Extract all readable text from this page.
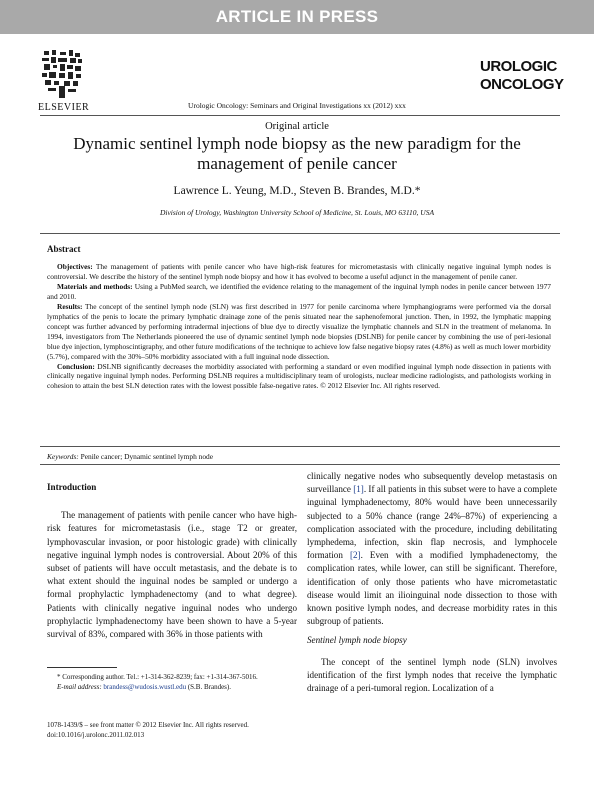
ARTICLE IN PRESS
ELSEVIER
UROLOGIC
ONCOLOGY
Urologic Oncology: Seminars and Original Investigations xx (2012) xxx
Original article
Dynamic sentinel lymph node biopsy as the new paradigm for the management of penile cancer
Lawrence L. Yeung, M.D., Steven B. Brandes, M.D.*
Division of Urology, Washington University School of Medicine, St. Louis, MO 63110, USA
Abstract

Objectives: The management of patients with penile cancer who have high-risk features for micrometastasis with clinically negative inguinal lymph nodes is controversial. We describe the history of the sentinel lymph node biopsy and how it has evolved to become a useful adjunct in the management of penile caner.

Materials and methods: Using a PubMed search, we identified the evidence relating to the management of the inguinal lymph nodes in penile cancer between 1977 and 2010.

Results: The concept of the sentinel lymph node (SLN) was first described in 1977 for penile carcinoma where lymphangiograms were performed via the dorsal lymphatics of the penis to locate the primary lymphatic drainage zone of the penis situated near the saphenofemoral junction. Then, in 1992, the lymphatic mapping concept was further advanced by performing intradermal injections of blue dye to directly visualize the lymphatic channels and SLN in the treatment of melanoma. In 1994, investigators from The Netherlands pioneered the use of dynamic sentinel lymph node biopsies (DSLNB) for penile cancer by combining the use of peri-lesional blue dye injection, lymphoscintigraphy, and other future modifications of the technique to achieve low false negative biopsy rates (4.8%) as well as much lower morbidity (5.7%), compared with the 30%–50% morbidity associated with a full inguinal node dissection.

Conclusion: DSLNB significantly decreases the morbidity associated with performing a standard or even modified inguinal lymph node dissection in patients with clinically negative inguinal lymph nodes. Performing DSLNB requires a multidisciplinary team of urologists, nuclear medicine radiologists, and pathologists working in cohesion to attain the best SLN detection rates with the lowest possible false-negative rates. © 2012 Elsevier Inc. All rights reserved.

Keywords: Penile cancer; Dynamic sentinel lymph node
Introduction

The management of patients with penile cancer who have high-risk features for micrometastasis (i.e., stage T2 or greater, lymphovascular invasion, or poor histologic grade) with clinically negative inguinal lymph nodes is controversial. About 20% of this subset of patients will have occult metastasis, and the debate is to what extent should the inguinal nodes be sampled or undergo a formal prophylactic lymphadenectomy (and to what degree). Patients with clinically negative inguinal nodes who undergo prophylactic lymphadenectomy have been shown to have a 5-year survival of 83%, compared with 36% in those patients with

clinically negative nodes who subsequently develop metastasis on surveillance [1]. If all patients in this subset were to have a complete inguinal lymphadenectomy, 80% would have been unnecessarily subjected to a 50% chance (range 24%–87%) of experiencing a complication associated with the procedure, including debilitating lymphedema, infection, skin flap necrosis, and lymphocele formation [2]. Even with a modified lymphadenectomy, the complication rates, while lower, can still be significant. Therefore, identification of only those patients who have micrometastatic disease would limit an ilioinguinal node dissection to those with known positive lymph nodes, and decrease morbidity rates in this subgroup of patients.

Sentinel lymph node biopsy

The concept of the sentinel lymph node (SLN) involves identification of the first lymph nodes that receive the lymphatic drainage of a peri-tumoral region. Localization of a

* Corresponding author. Tel.: +1-314-362-8239; fax: +1-314-367-5016.

E-mail address: brandess@wudosis.wustl.edu (S.B. Brandes).

1078-1439/$ – see front matter © 2012 Elsevier Inc. All rights reserved.
doi:10.1016/j.urolonc.2011.02.013
